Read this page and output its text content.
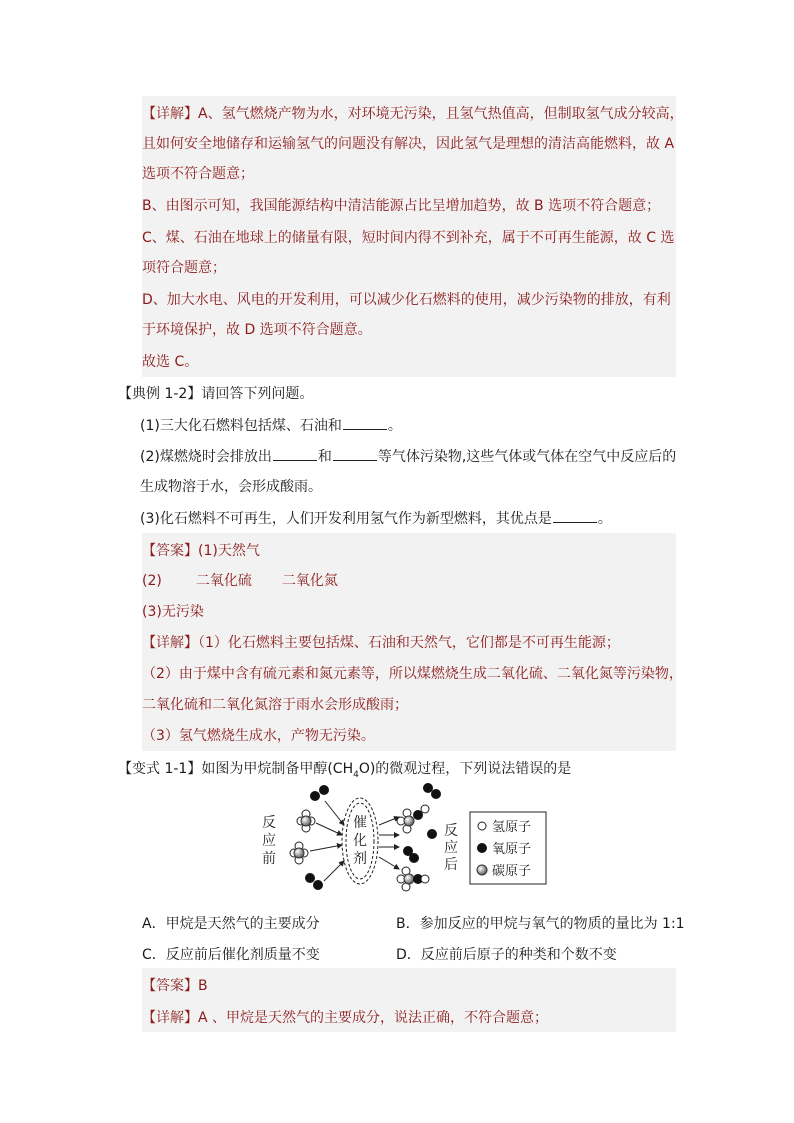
【详解】A、氢气燃烧产物为水，对环境无污染，且氢气热值高，但制取氢气成分较高，
且如何安全地储存和运输氢气的问题没有解决，因此氢气是理想的清洁高能燃料，故 A
选项不符合题意；
B、由图示可知，我国能源结构中清洁能源占比呈增加趋势，故 B 选项不符合题意；
C、煤、石油在地球上的储量有限，短时间内得不到补充，属于不可再生能源，故 C 选
项符合题意；
D、加大水电、风电的开发利用，可以减少化石燃料的使用，减少污染物的排放，有利
于环境保护，故 D 选项不符合题意。
故选 C。
【典例 1-2】请回答下列问题。
(1)三大化石燃料包括煤、石油和	。
(2)煤燃烧时会排放出	和	等气体污染物,这些气体或气体在空气中反应后的
生成物溶于水，会形成酸雨。
(3)化石燃料不可再生，人们开发利用氢气作为新型燃料，其优点是	。
【答案】(1)天然气
(2) 二氧化硫 二氧化氮
(3)无污染
【详解】（1）化石燃料主要包括煤、石油和天然气，它们都是不可再生能源；
（2）由于煤中含有硫元素和氮元素等，所以煤燃烧生成二氧化硫、二氧化氮等污染物，
二氧化硫和二氧化氮溶于雨水会形成酸雨；
（3）氢气燃烧生成水，产物无污染。
【变式 1-1】如图为甲烷制备甲醇$(CH_4O)$的微观过程，下列说法错误的是
反
应
前
催
化
剂
反
应
后
氢原子
氧原子
碳原子
A．甲烷是天然气的主要成分	B．参加反应的甲烷与氧气的物质的量比为 1:1
C．反应前后催化剂质量不变	D．反应前后原子的种类和个数不变
【答案】B
【详解】A 、甲烷是天然气的主要成分，说法正确，不符合题意；
